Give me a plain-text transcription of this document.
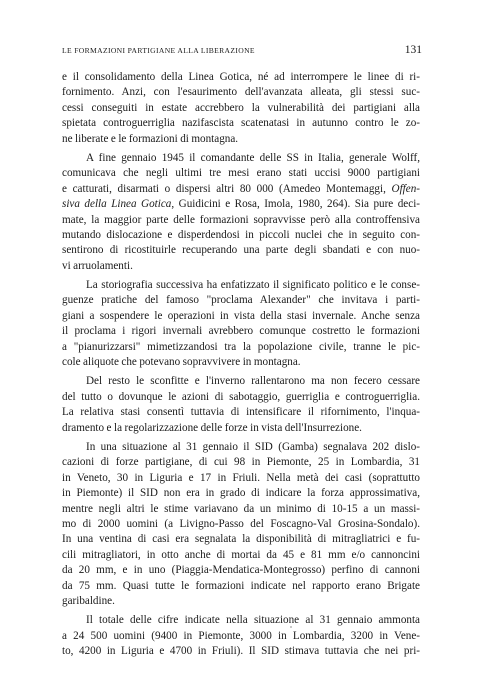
LE FORMAZIONI PARTIGIANE ALLA LIBERAZIONE	131

e il consolidamento della Linea Gotica, né ad interrompere le linee di ri-
fornimento. Anzi, con l'esaurimento dell'avanzata alleata, gli stessi suc-
cessi conseguiti in estate accrebbero la vulnerabilità dei partigiani alla
spietata controguerriglia nazifascista scatenatasi in autunno contro le zo-
ne liberate e le formazioni di montagna.

A fine gennaio 1945 il comandante delle SS in Italia, generale Wolff,
comunicava che negli ultimi tre mesi erano stati uccisi 9000 partigiani
e catturati, disarmati o dispersi altri 80 000 (Amedeo Montemaggi, Offen-
siva della Linea Gotica, Guidicini e Rosa, Imola, 1980, 264). Sia pure deci-
mate, la maggior parte delle formazioni sopravvisse però alla controffensiva
mutando dislocazione e disperdendosi in piccoli nuclei che in seguito con-
sentirono di ricostituirle recuperando una parte degli sbandati e con nuo-
vi arruolamenti.

La storiografia successiva ha enfatizzato il significato politico e le conse-
guenze pratiche del famoso "proclama Alexander" che invitava i parti-
giani a sospendere le operazioni in vista della stasi invernale. Anche senza
il proclama i rigori invernali avrebbero comunque costretto le formazioni
a "pianurizzarsi" mimetizzandosi tra la popolazione civile, tranne le pic-
cole aliquote che potevano sopravvivere in montagna.

Del resto le sconfitte e l'inverno rallentarono ma non fecero cessare
del tutto o dovunque le azioni di sabotaggio, guerriglia e controguerriglia.
La relativa stasi consentì tuttavia di intensificare il rifornimento, l'inqua-
dramento e la regolarizzazione delle forze in vista dell'Insurrezione.

In una situazione al 31 gennaio il SID (Gamba) segnalava 202 dislo-
cazioni di forze partigiane, di cui 98 in Piemonte, 25 in Lombardia, 31
in Veneto, 30 in Liguria e 17 in Friuli. Nella metà dei casi (soprattutto
in Piemonte) il SID non era in grado di indicare la forza approssimativa,
mentre negli altri le stime variavano da un minimo di 10-15 a un massi-
mo di 2000 uomini (a Livigno-Passo del Foscagno-Val Grosina-Sondalo).
In una ventina di casi era segnalata la disponibilità di mitragliatrici e fu-
cili mitragliatori, in otto anche di mortai da 45 e 81 mm e/o cannoncini
da 20 mm, e in uno (Piaggia-Mendatica-Montegrosso) perfino di cannoni
da 75 mm. Quasi tutte le formazioni indicate nel rapporto erano Brigate
garibaldine.

Il totale delle cifre indicate nella situazione al 31 gennaio ammonta
a 24 500 uomini (9400 in Piemonte, 3000 in Lombardia, 3200 in Vene-
to, 4200 in Liguria e 4700 in Friuli). Il SID stimava tuttavia che nei pri-
